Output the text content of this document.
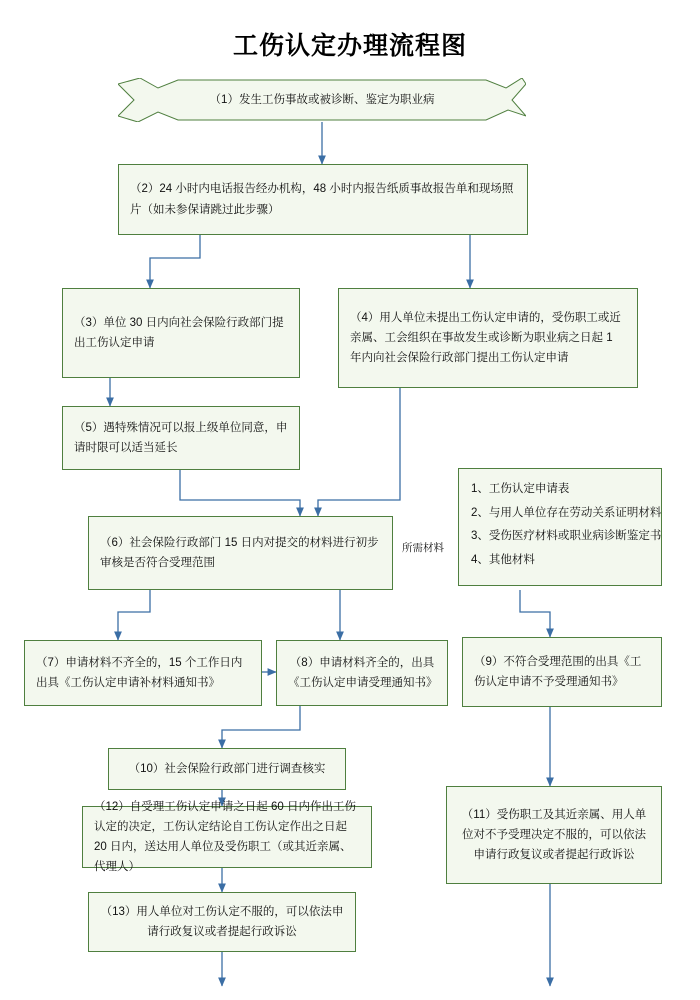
工伤认定办理流程图
（1）发生工伤事故或被诊断、鉴定为职业病
（2）24 小时内电话报告经办机构，48 小时内报告纸质事故报告单和现场照片（如未参保请跳过此步骤）
（3）单位 30 日内向社会保险行政部门提出工伤认定申请
（4）用人单位未提出工伤认定申请的，受伤职工或近亲属、工会组织在事故发生或诊断为职业病之日起 1 年内向社会保险行政部门提出工伤认定申请
（5）遇特殊情况可以报上级单位同意，申请时限可以适当延长
（6）社会保险行政部门 15 日内对提交的材料进行初步审核是否符合受理范围
所需材料
1、工伤认定申请表
2、与用人单位存在劳动关系证明材料
3、受伤医疗材料或职业病诊断鉴定书
4、其他材料
（7）申请材料不齐全的，15 个工作日内出具《工伤认定申请补材料通知书》
（8）申请材料齐全的，出具《工伤认定申请受理通知书》
（9）不符合受理范围的出具《工伤认定申请不予受理通知书》
（10）社会保险行政部门进行调查核实
（11）受伤职工及其近亲属、用人单位对不予受理决定不服的，可以依法申请行政复议或者提起行政诉讼
（12）自受理工伤认定申请之日起 60 日内作出工伤认定的决定，工伤认定结论自工伤认定作出之日起 20 日内，送达用人单位及受伤职工（或其近亲属、代理人）
（13）用人单位对工伤认定不服的，可以依法申请行政复议或者提起行政诉讼
